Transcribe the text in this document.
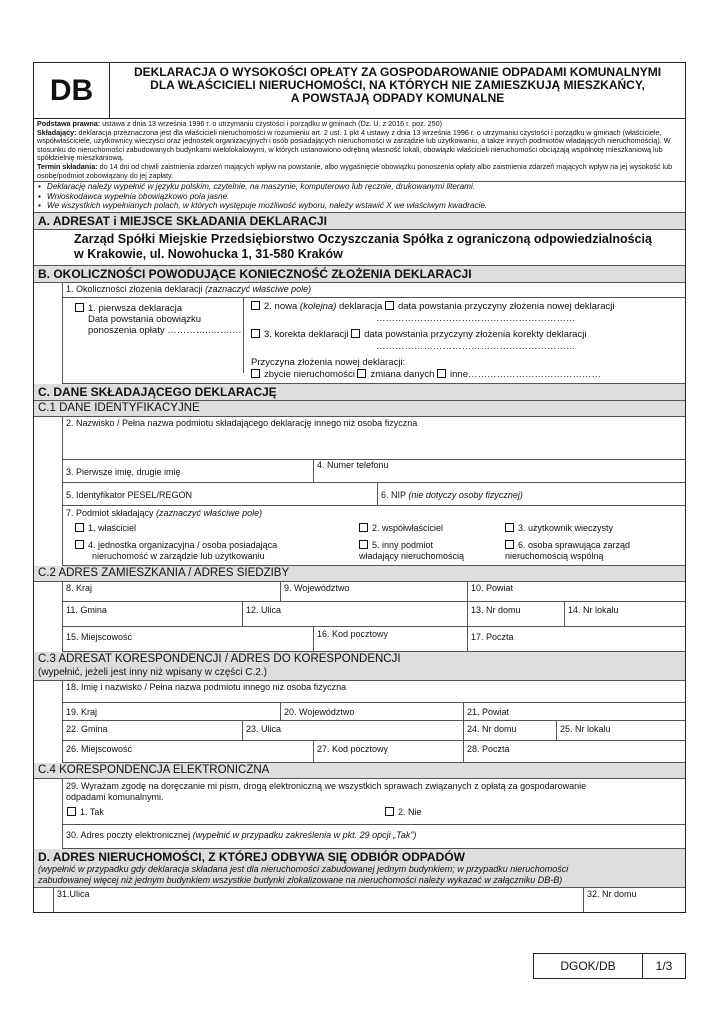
DB
DEKLARACJA O WYSOKOŚCI OPŁATY ZA GOSPODAROWANIE ODPADAMI KOMUNALNYMI
DLA WŁAŚCICIELI NIERUCHOMOŚCI, NA KTÓRYCH NIE ZAMIESZKUJĄ MIESZKAŃCY,
A POWSTAJĄ ODPADY KOMUNALNE
Podstawa prawna: ustawa z dnia 13 września 1996 r. o utrzymaniu czystości i porządku w gminach (Dz. U. z 2016 r. poz. 250)
Składający: deklaracja przeznaczona jest dla właścicieli nieruchomości w rozumieniu art. 2 ust. 1 pkt 4 ustawy z dnia 13 września 1996 r. o utrzymaniu czystości i porządku w gminach (właściciele, współwłaściciele, użytkownicy wieczyści oraz jednostek organizacyjnych i osób posiadających nieruchomości w zarządzie lub użytkowaniu, a także innych podmiotów władających nieruchomością). W stosunku do nieruchomości zabudowanych budynkami wielolokalowymi, w których ustanowiono odrębną własność lokali, obowiązki właścicieli nieruchomości obciążają wspólnotę mieszkaniową lub spółdzielnię mieszkaniową.
Termin składania: do 14 dni od chwili zaistnienia zdarzeń mających wpływ na powstanie, albo wygaśnięcie obowiązku ponoszenia opłaty albo zaistnienia zdarzeń mających wpływ na jej wysokość lub osobę/podmiot zobowiązany do jej zapłaty.
▪ Deklarację należy wypełnić w języku polskim, czytelnie, na maszynie, komputerowo lub ręcznie, drukowanymi literami.
▪ Wnioskodawca wypełnia obowiązkowo pola jasne.
▪ We wszystkich wypełnianych polach, w których występuje możliwość wyboru, należy wstawić X we właściwym kwadracie.
A. ADRESAT i MIEJSCE SKŁADANIA DEKLARACJI
Zarząd Spółki Miejskie Przedsiębiorstwo Oczyszczania Spółka z ograniczoną odpowiedzialnością
w Krakowie, ul. Nowohucka 1, 31-580 Kraków
B. OKOLICZNOŚCI POWODUJĄCE KONIECZNOŚĆ ZŁOŻENIA DEKLARACJI
1. Okoliczności złożenia deklaracji (zaznaczyć właściwe pole)
1. pierwsza deklaracja
Data powstania obowiązku
ponoszenia opłaty …………..…….…
2. nowa (kolejna) deklaracja data powstania przyczyny złożenia nowej deklaracji
………………………………………………………
3. korekta deklaracji data powstania przyczyny złożenia korekty deklaracji
………………………………………………………
Przyczyna złożenia nowej deklaracji:
zbycie nieruchomości zmiana danych inne……………………………………
C. DANE SKŁADAJĄCEGO DEKLARACJĘ
C.1 DANE IDENTYFIKACYJNE
2. Nazwisko / Pełna nazwa podmiotu składającego deklarację innego niż osoba fizyczna
3. Pierwsze imię, drugie imię
4. Numer telefonu
5. Identyfikator PESEL/REGON	6. NIP (nie dotyczy osoby fizycznej)
7. Podmiot składający (zaznaczyć właściwe pole)
1. właściciel	2. współwłaściciel	3. użytkownik wieczysty
4. jednostka organizacyjna / osoba posiadająca
nieruchomość w zarządzie lub użytkowaniu
5. inny podmiot
władający nieruchomością
6. osoba sprawująca zarząd
nieruchomością wspólną
C.2 ADRES ZAMIESZKANIA / ADRES SIEDZIBY
8. Kraj	9. Województwo	10. Powiat
11. Gmina	12. Ulica	13. Nr domu	14. Nr lokalu
15. Miejscowość	16. Kod pocztowy	17. Poczta
C.3 ADRESAT KORESPONDENCJI / ADRES DO KORESPONDENCJI
(wypełnić, jeżeli jest inny niż wpisany w części C.2.)
18. Imię i nazwisko / Pełna nazwa podmiotu innego niż osoba fizyczna
19. Kraj	20. Województwo	21. Powiat
22. Gmina	23. Ulica	24. Nr domu	25. Nr lokalu
26. Miejscowość	27. Kod pocztowy	28. Poczta
C.4 KORESPONDENCJA ELEKTRONICZNA
29. Wyrażam zgodę na doręczanie mi pism, drogą elektroniczną we wszystkich sprawach związanych z opłatą za gospodarowanie
odpadami komunalnymi.
1. Tak	2. Nie
30. Adres poczty elektronicznej (wypełnić w przypadku zakreślenia w pkt. 29 opcji „Tak”)
D. ADRES NIERUCHOMOŚCI, Z KTÓREJ ODBYWA SIĘ ODBIÓR ODPADÓW
(wypełnić w przypadku gdy deklaracja składana jest dla nieruchomości zabudowanej jednym budynkiem; w przypadku nieruchomości
zabudowanej więcej niż jednym budynkiem wszystkie budynki zlokalizowane na nieruchomości należy wykazać w załączniku DB-B)
31.Ulica	32. Nr domu
DGOK/DB	1/3
